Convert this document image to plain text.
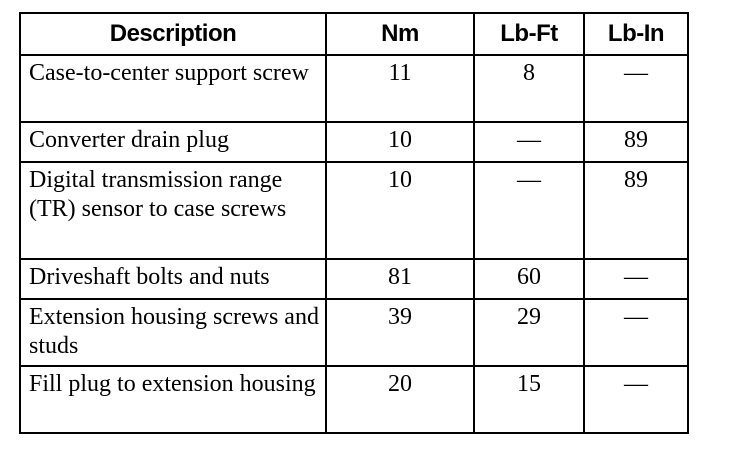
Description	Nm	Lb-Ft	Lb-In
Case-to-center support screw	11	8	—
Converter drain plug	10	—	89
Digital transmission range (TR) sensor to case screws	10	—	89
Driveshaft bolts and nuts	81	60	—
Extension housing screws and studs	39	29	—
Fill plug to extension housing	20	15	—
